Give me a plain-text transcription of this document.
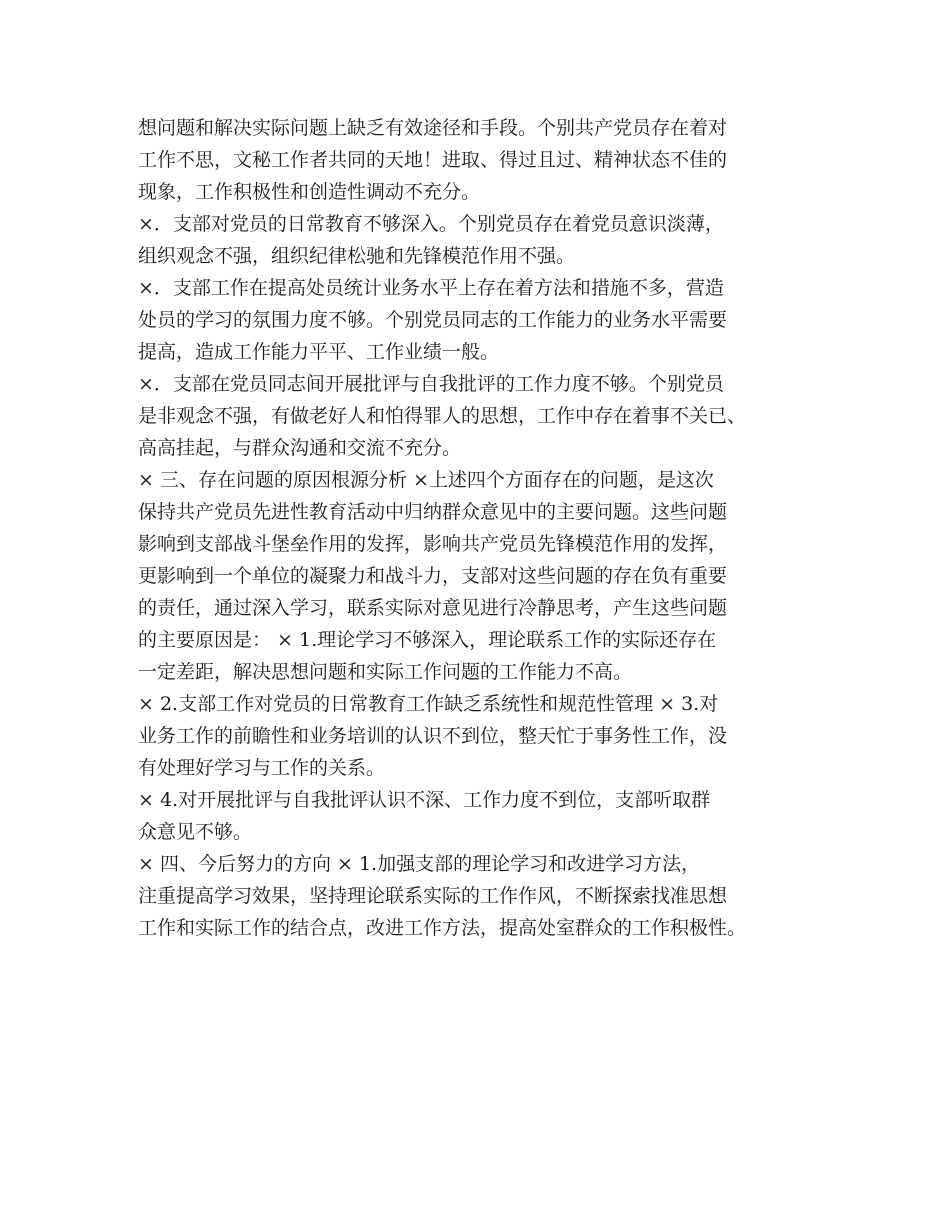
想问题和解决实际问题上缺乏有效途径和手段。个别共产党员存在着对
工作不思，文秘工作者共同的天地！进取、得过且过、精神状态不佳的
现象，工作积极性和创造性调动不充分。
×．支部对党员的日常教育不够深入。个别党员存在着党员意识淡薄，
组织观念不强，组织纪律松驰和先锋模范作用不强。
×．支部工作在提高处员统计业务水平上存在着方法和措施不多，营造
处员的学习的氛围力度不够。个别党员同志的工作能力的业务水平需要
提高，造成工作能力平平、工作业绩一般。
×．支部在党员同志间开展批评与自我批评的工作力度不够。个别党员
是非观念不强，有做老好人和怕得罪人的思想，工作中存在着事不关已、
高高挂起，与群众沟通和交流不充分。
× 三、存在问题的原因根源分析 ×上述四个方面存在的问题，是这次
保持共产党员先进性教育活动中归纳群众意见中的主要问题。这些问题
影响到支部战斗堡垒作用的发挥，影响共产党员先锋模范作用的发挥，
更影响到一个单位的凝聚力和战斗力，支部对这些问题的存在负有重要
的责任，通过深入学习，联系实际对意见进行冷静思考，产生这些问题
的主要原因是： × 1.理论学习不够深入，理论联系工作的实际还存在
一定差距，解决思想问题和实际工作问题的工作能力不高。
× 2.支部工作对党员的日常教育工作缺乏系统性和规范性管理 × 3.对
业务工作的前瞻性和业务培训的认识不到位，整天忙于事务性工作，没
有处理好学习与工作的关系。
× 4.对开展批评与自我批评认识不深、工作力度不到位，支部听取群
众意见不够。
× 四、今后努力的方向 × 1.加强支部的理论学习和改进学习方法，
注重提高学习效果，坚持理论联系实际的工作作风，不断探索找准思想
工作和实际工作的结合点，改进工作方法，提高处室群众的工作积极性。
